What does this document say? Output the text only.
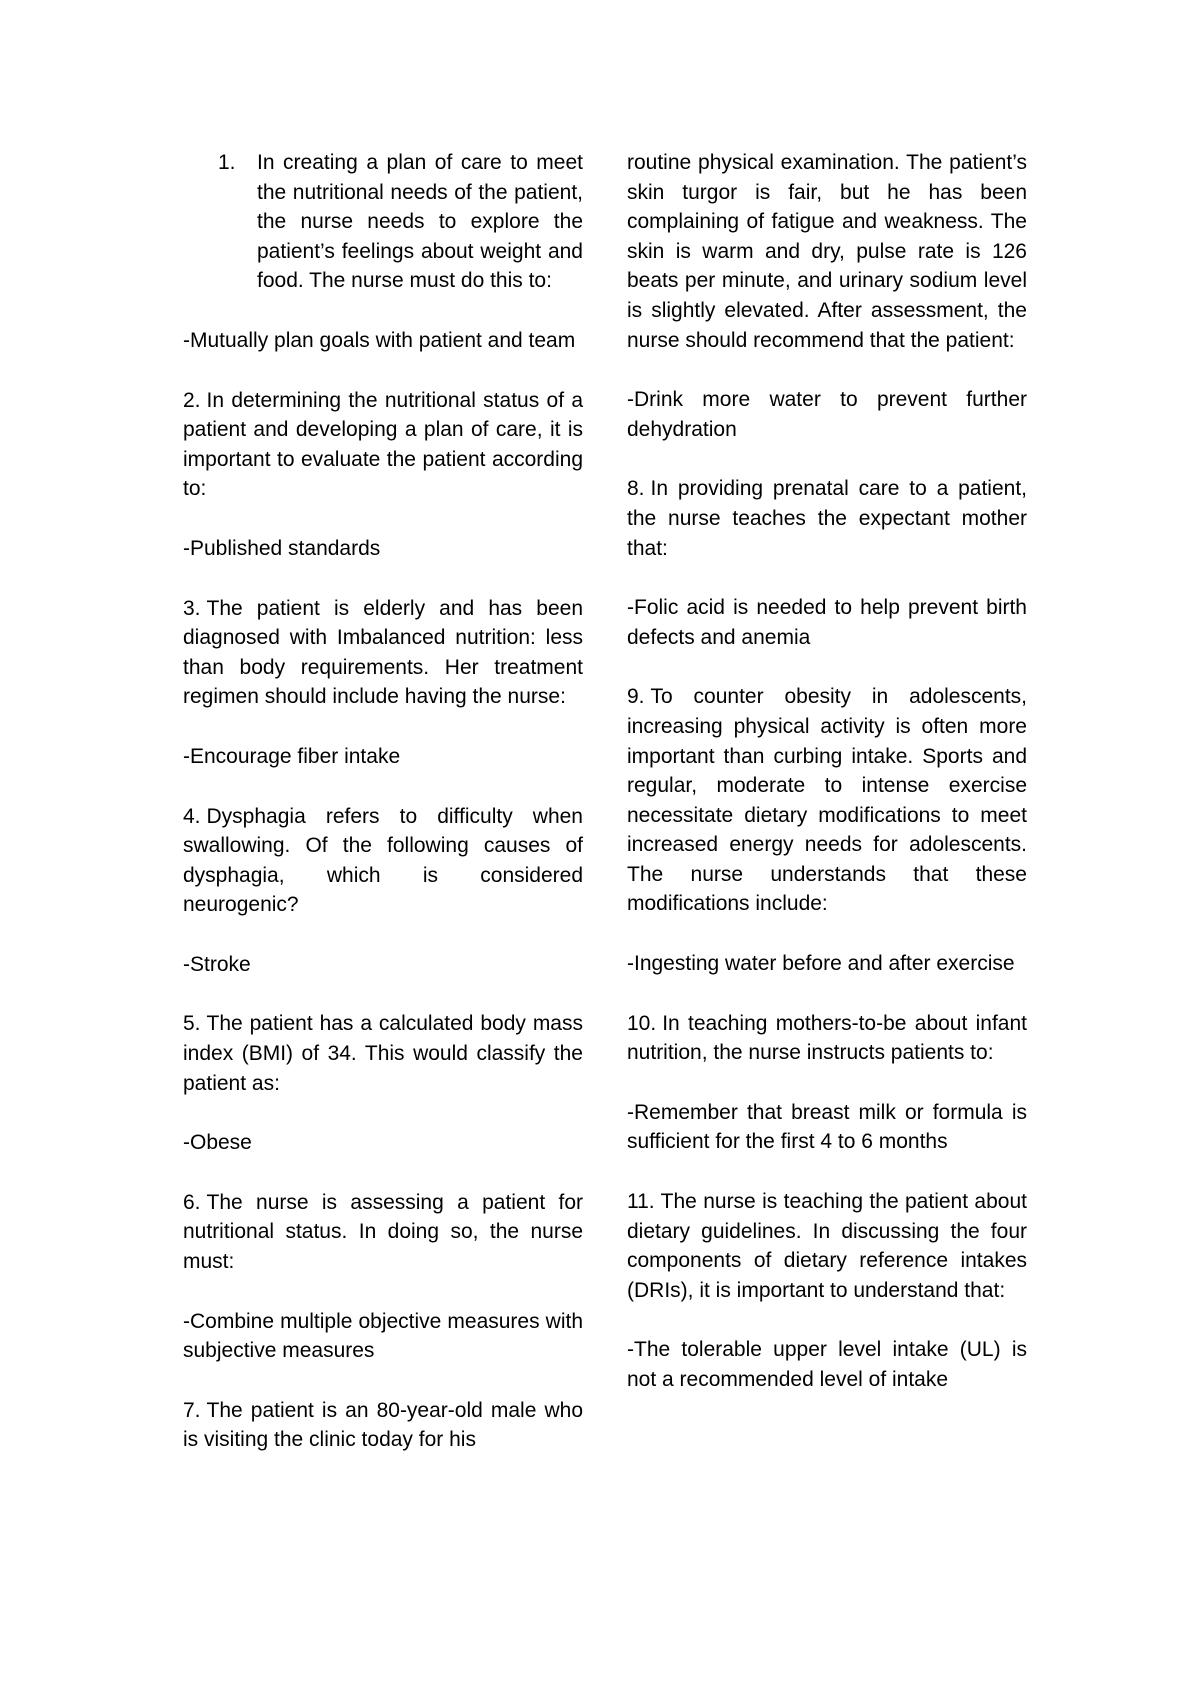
1. In creating a plan of care to meet the nutritional needs of the patient, the nurse needs to explore the patient’s feelings about weight and food. The nurse must do this to:

-Mutually plan goals with patient and team

2. In determining the nutritional status of a patient and developing a plan of care, it is important to evaluate the patient according to:

-Published standards

3. The patient is elderly and has been diagnosed with Imbalanced nutrition: less than body requirements. Her treatment regimen should include having the nurse:

-Encourage fiber intake

4. Dysphagia refers to difficulty when swallowing. Of the following causes of dysphagia, which is considered neurogenic?

-Stroke

5. The patient has a calculated body mass index (BMI) of 34. This would classify the patient as:

-Obese

6. The nurse is assessing a patient for nutritional status. In doing so, the nurse must:

-Combine multiple objective measures with subjective measures

7. The patient is an 80-year-old male who is visiting the clinic today for his

routine physical examination. The patient’s skin turgor is fair, but he has been complaining of fatigue and weakness. The skin is warm and dry, pulse rate is 126 beats per minute, and urinary sodium level is slightly elevated. After assessment, the nurse should recommend that the patient:

-Drink more water to prevent further dehydration

8. In providing prenatal care to a patient, the nurse teaches the expectant mother that:

-Folic acid is needed to help prevent birth defects and anemia

9. To counter obesity in adolescents, increasing physical activity is often more important than curbing intake. Sports and regular, moderate to intense exercise necessitate dietary modifications to meet increased energy needs for adolescents. The nurse understands that these modifications include:

-Ingesting water before and after exercise

10. In teaching mothers-to-be about infant nutrition, the nurse instructs patients to:

-Remember that breast milk or formula is sufficient for the first 4 to 6 months

11. The nurse is teaching the patient about dietary guidelines. In discussing the four components of dietary reference intakes (DRIs), it is important to understand that:

-The tolerable upper level intake (UL) is not a recommended level of intake
